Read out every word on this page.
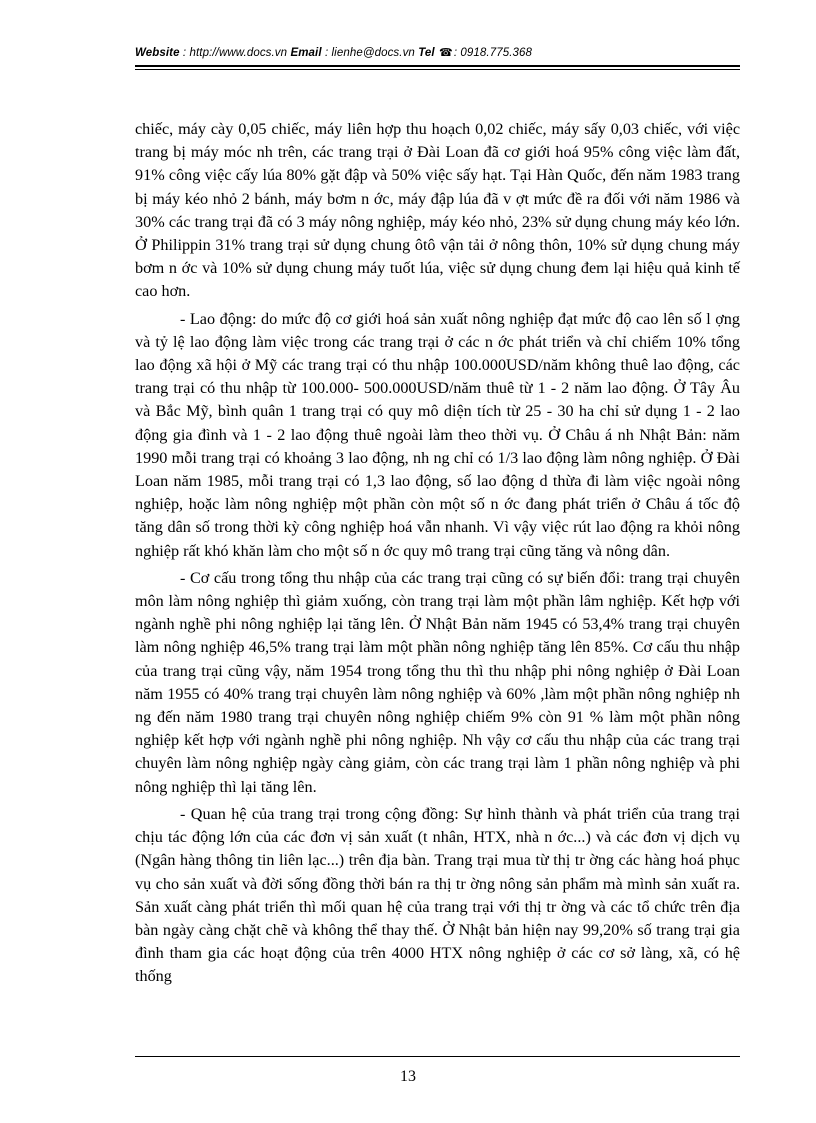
Website : http://www.docs.vn Email : lienhe@docs.vn Tel ☎: 0918.775.368

chiếc, máy cày 0,05 chiếc, máy liên hợp thu hoạch 0,02 chiếc, máy sấy 0,03 chiếc, với việc trang bị máy móc nh trên, các trang trại ở Đài Loan đã cơ giới hoá 95% công việc làm đất, 91% công việc cấy lúa 80% gặt đập và 50% việc sấy hạt. Tại Hàn Quốc, đến năm 1983 trang bị máy kéo nhỏ 2 bánh, máy bơm n ớc, máy đập lúa đã v ợt mức đề ra đối với năm 1986 và 30% các trang trại đã có 3 máy nông nghiệp, máy kéo nhỏ, 23% sử dụng chung máy kéo lớn. Ở Philippin 31% trang trại sử dụng chung ôtô vận tải ở nông thôn, 10% sử dụng chung máy bơm n ớc và 10% sử dụng chung máy tuốt lúa, việc sử dụng chung đem lại hiệu quả kinh tế cao hơn.

- Lao động: do mức độ cơ giới hoá sản xuất nông nghiệp đạt mức độ cao lên số l ợng và tỷ lệ lao động làm việc trong các trang trại ở các n ớc phát triển và chỉ chiếm 10% tổng lao động xã hội ở Mỹ các trang trại có thu nhập 100.000USD/năm không thuê lao động, các trang trại có thu nhập từ 100.000- 500.000USD/năm thuê từ 1 - 2 năm lao động. Ở Tây Âu và Bắc Mỹ, bình quân 1 trang trại có quy mô diện tích từ 25 - 30 ha chỉ sử dụng 1 - 2 lao động gia đình và 1 - 2 lao động thuê ngoài làm theo thời vụ. Ở Châu á nh Nhật Bản: năm 1990 mỗi trang trại có khoảng 3 lao động, nh ng chỉ có 1/3 lao động làm nông nghiệp. Ở Đài Loan năm 1985, mỗi trang trại có 1,3 lao động, số lao động d thừa đi làm việc ngoài nông nghiệp, hoặc làm nông nghiệp một phần còn một số n ớc đang phát triển ở Châu á tốc độ tăng dân số trong thời kỳ công nghiệp hoá vẫn nhanh. Vì vậy việc rút lao động ra khỏi nông nghiệp rất khó khăn làm cho một số n ớc quy mô trang trại cũng tăng và nông dân.

- Cơ cấu trong tổng thu nhập của các trang trại cũng có sự biến đổi: trang trại chuyên môn làm nông nghiệp thì giảm xuống, còn trang trại làm một phần lâm nghiệp. Kết hợp với ngành nghề phi nông nghiệp lại tăng lên. Ở Nhật Bản năm 1945 có 53,4% trang trại chuyên làm nông nghiệp 46,5% trang trại làm một phần nông nghiệp tăng lên 85%. Cơ cấu thu nhập của trang trại cũng vậy, năm 1954 trong tổng thu thì thu nhập phi nông nghiệp ở Đài Loan năm 1955 có 40% trang trại chuyên làm nông nghiệp và 60% ,làm một phần nông nghiệp nh ng đến năm 1980 trang trại chuyên nông nghiệp chiếm 9% còn 91 % làm một phần nông nghiệp kết hợp với ngành nghề phi nông nghiệp. Nh vậy cơ cấu thu nhập của các trang trại chuyên làm nông nghiệp ngày càng giảm, còn các trang trại làm 1 phần nông nghiệp và phi nông nghiệp thì lại tăng lên.

- Quan hệ của trang trại trong cộng đồng: Sự hình thành và phát triển của trang trại chịu tác động lớn của các đơn vị sản xuất (t nhân, HTX, nhà n ớc...) và các đơn vị dịch vụ (Ngân hàng thông tin liên lạc...) trên địa bàn. Trang trại mua từ thị tr ờng các hàng hoá phục vụ cho sản xuất và đời sống đồng thời bán ra thị tr ờng nông sản phẩm mà mình sản xuất ra. Sản xuất càng phát triển thì mối quan hệ của trang trại với thị tr ờng và các tổ chức trên địa bàn ngày càng chặt chẽ và không thể thay thế. Ở Nhật bản hiện nay 99,20% số trang trại gia đình tham gia các hoạt động của trên 4000 HTX nông nghiệp ở các cơ sở làng, xã, có hệ thống

13
